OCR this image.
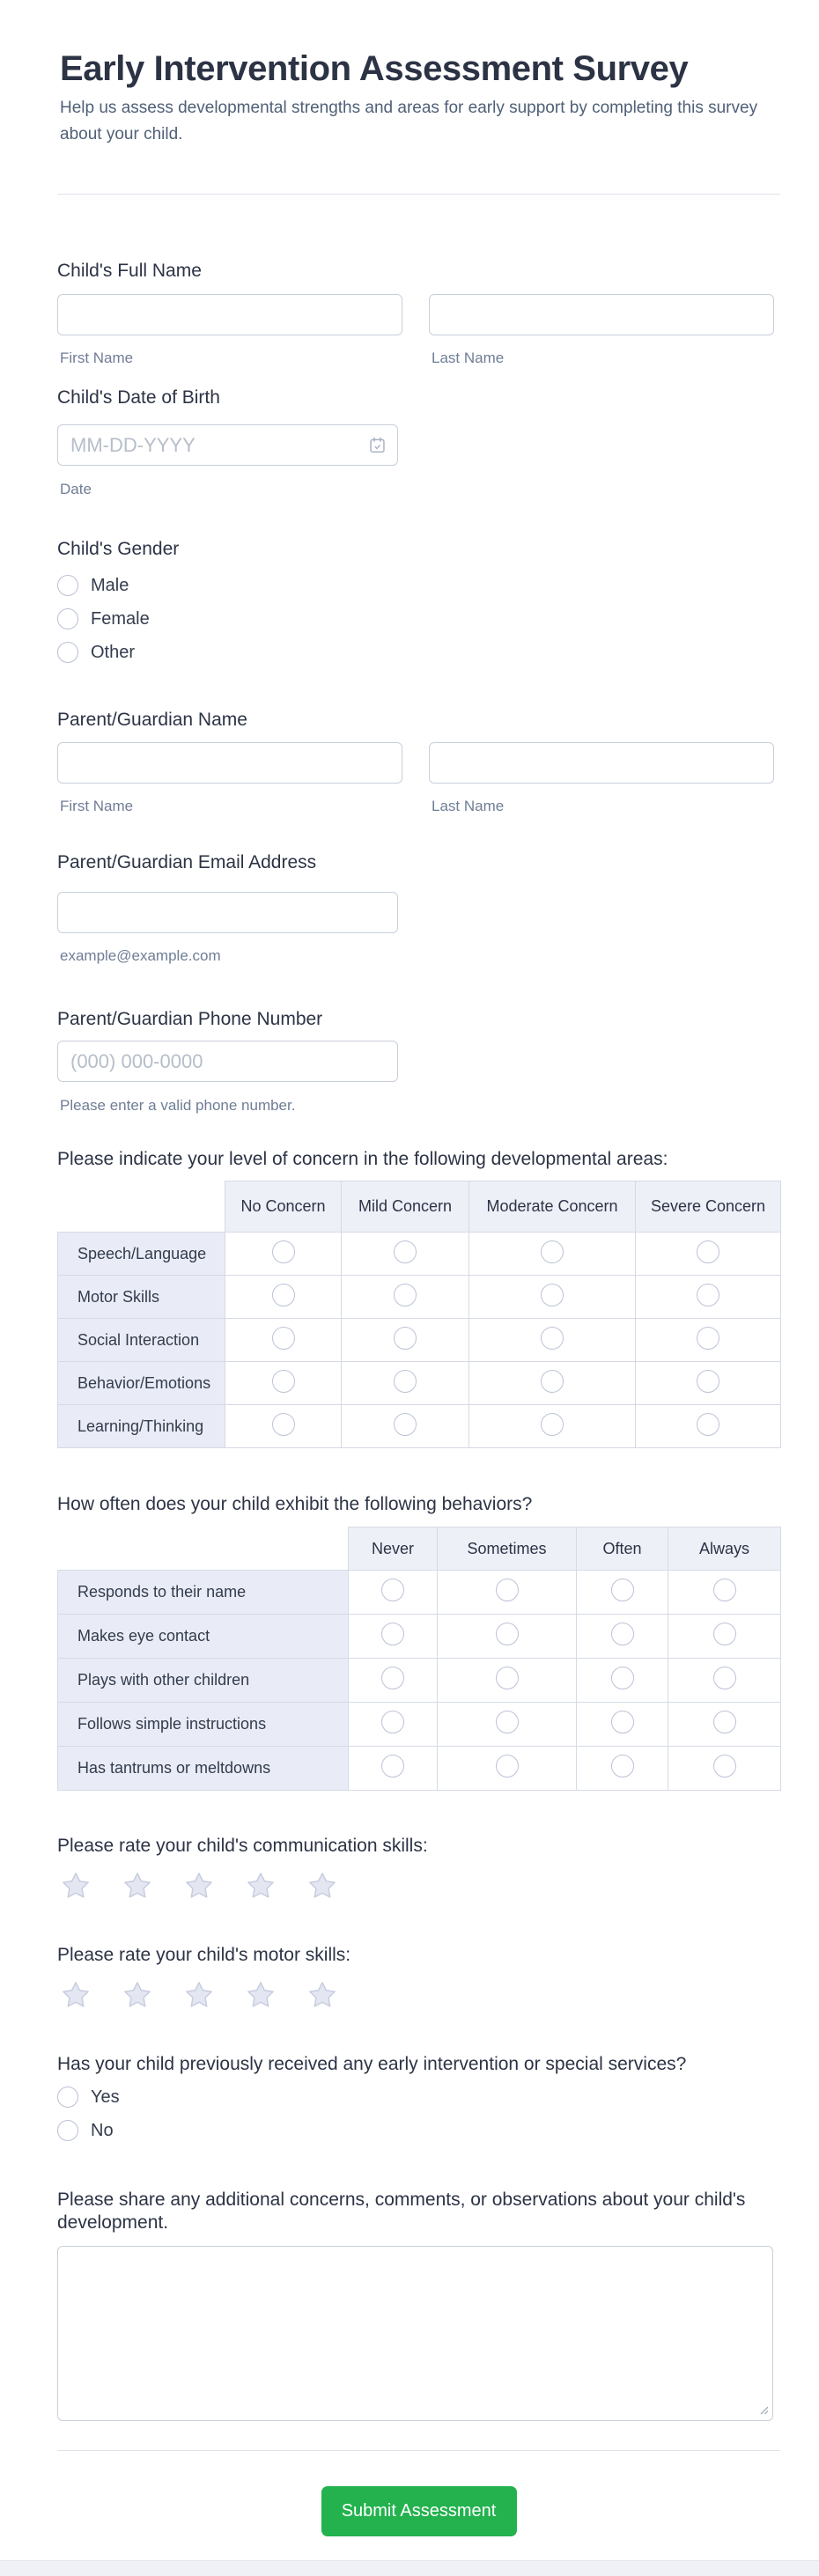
Early Intervention Assessment Survey
Help us assess developmental strengths and areas for early support by completing this survey about your child.
Child's Full Name
First Name	Last Name
Child's Date of Birth
MM-DD-YYYY
Date
Child's Gender
Male
Female
Other
Parent/Guardian Name
First Name	Last Name
Parent/Guardian Email Address
example@example.com
Parent/Guardian Phone Number
(000) 000-0000
Please enter a valid phone number.
Please indicate your level of concern in the following developmental areas:
	No Concern	Mild Concern	Moderate Concern	Severe Concern
Speech/Language				
Motor Skills				
Social Interaction				
Behavior/Emotions				
Learning/Thinking				
How often does your child exhibit the following behaviors?
	Never	Sometimes	Often	Always
Responds to their name				
Makes eye contact				
Plays with other children				
Follows simple instructions				
Has tantrums or meltdowns				
Please rate your child's communication skills:
Please rate your child's motor skills:
Has your child previously received any early intervention or special services?
Yes
No
Please share any additional concerns, comments, or observations about your child's development.
Submit Assessment
